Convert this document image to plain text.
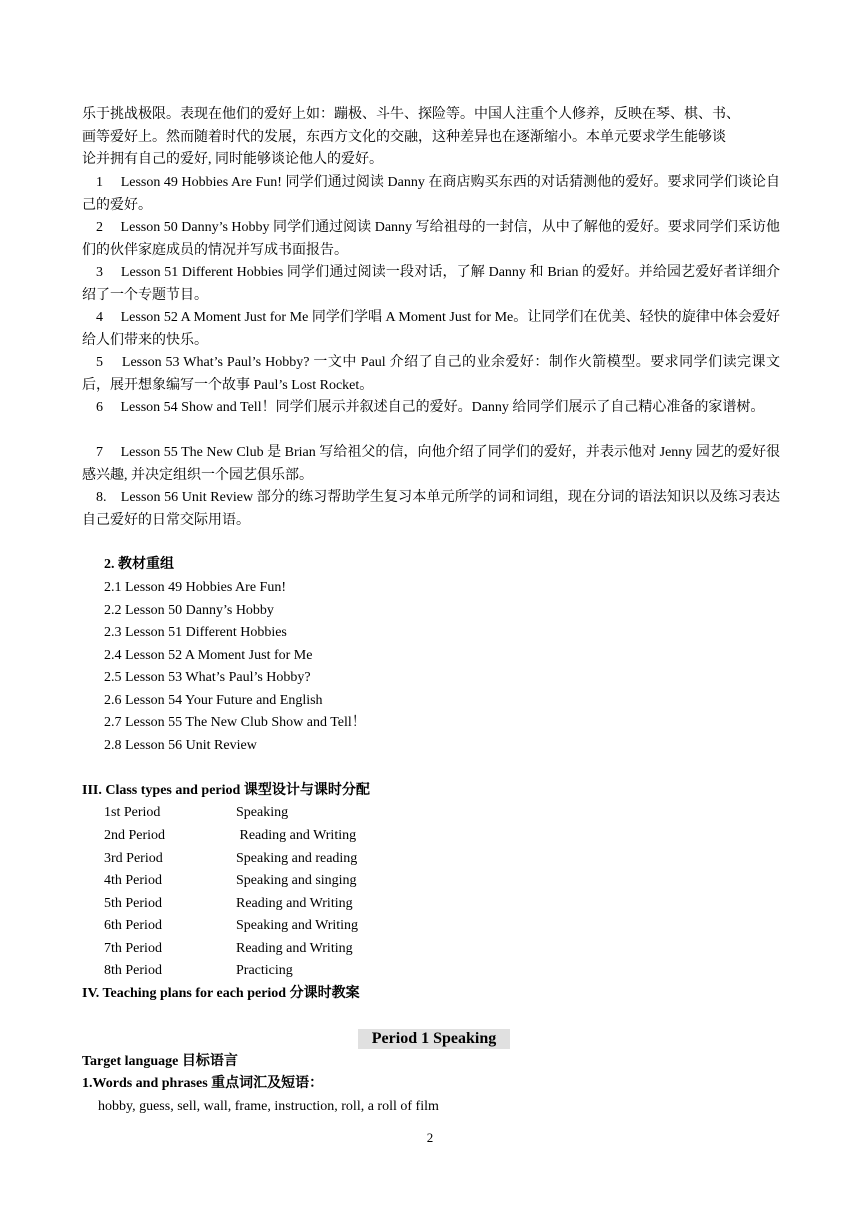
乐于挑战极限。表现在他们的爱好上如：蹦极、斗牛、探险等。中国人注重个人修养，反映在琴、棋、书、
画等爱好上。然而随着时代的发展，东西方文化的交融，这种差异也在逐渐缩小。本单元要求学生能够谈
论并拥有自己的爱好, 同时能够谈论他人的爱好。
1　 Lesson 49 Hobbies Are Fun! 同学们通过阅读 Danny 在商店购买东西的对话猜测他的爱好。要求同学们谈论自己的爱好。
2　 Lesson 50 Danny’s Hobby 同学们通过阅读 Danny 写给祖母的一封信，从中了解他的爱好。要求同学们采访他们的伙伴家庭成员的情况并写成书面报告。
3　 Lesson 51 Different Hobbies 同学们通过阅读一段对话，了解 Danny 和 Brian 的爱好。并给园艺爱好者详细介绍了一个专题节目。
4　 Lesson 52 A Moment Just for Me 同学们学唱 A Moment Just for Me。让同学们在优美、轻快的旋律中体会爱好给人们带来的快乐。
5　 Lesson 53 What’s Paul’s Hobby? 一文中 Paul 介绍了自己的业余爱好：制作火箭模型。要求同学们读完课文后，展开想象编写一个故事 Paul’s Lost Rocket。
6　 Lesson 54 Show and Tell！同学们展示并叙述自己的爱好。Danny 给同学们展示了自己精心准备的家谱树。
7　 Lesson 55 The New Club 是 Brian 写给祖父的信，向他介绍了同学们的爱好，并表示他对 Jenny 园艺的爱好很感兴趣, 并决定组织一个园艺俱乐部。
8.　Lesson 56 Unit Review 部分的练习帮助学生复习本单元所学的词和词组，现在分词的语法知识以及练习表达自己爱好的日常交际用语。
2. 教材重组
2.1 Lesson 49 Hobbies Are Fun!
2.2 Lesson 50 Danny’s Hobby
2.3 Lesson 51 Different Hobbies
2.4 Lesson 52 A Moment Just for Me
2.5 Lesson 53 What’s Paul’s Hobby?
2.6 Lesson 54 Your Future and English
2.7 Lesson 55 The New Club Show and Tell！
2.8 Lesson 56 Unit Review
III. Class types and period 课型设计与课时分配
1st Period	Speaking
2nd Period	Reading and Writing
3rd Period	Speaking and reading
4th Period	Speaking and singing
5th Period	Reading and Writing
6th Period	Speaking and Writing
7th Period	Reading and Writing
8th Period	Practicing
IV. Teaching plans for each period 分课时教案
Period 1 Speaking
Target language 目标语言
1.Words and phrases 重点词汇及短语：
hobby, guess, sell, wall, frame, instruction, roll, a roll of film
2
